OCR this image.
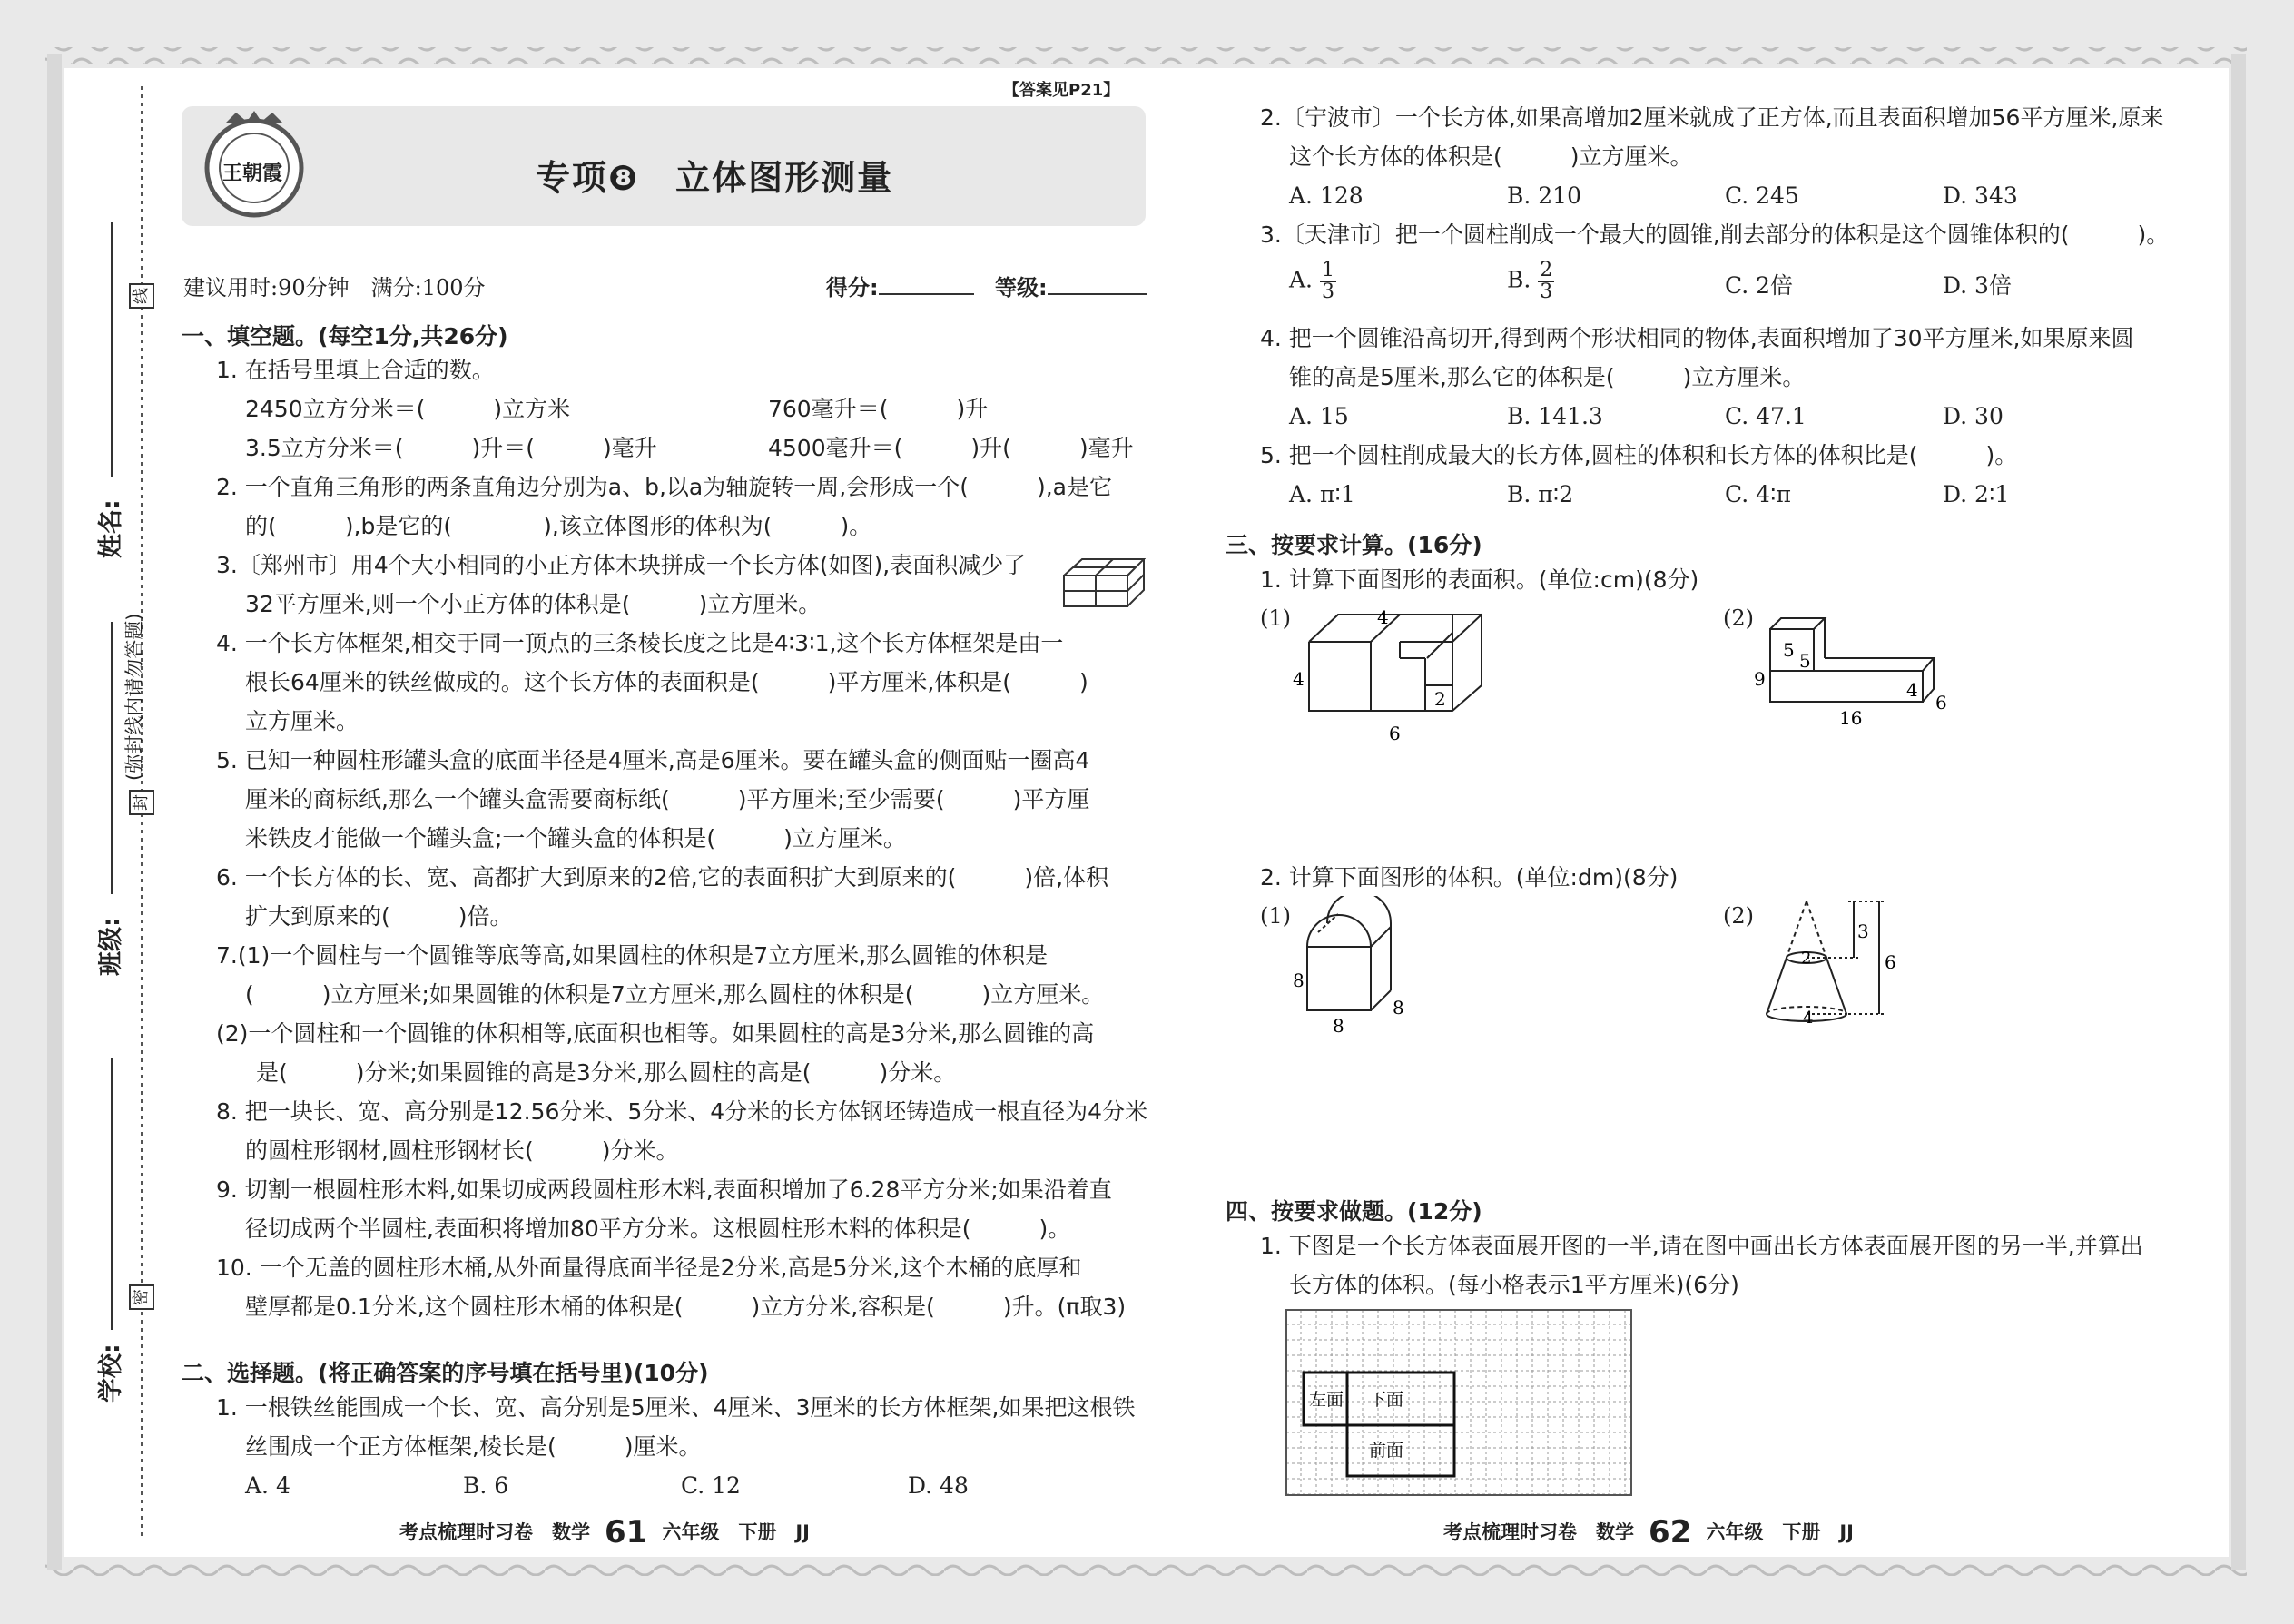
线
封
密
(弥封线内请勿答题)
姓名:
班级:
学校:
【答案见P21】
王朝霞	专项❽　立体图形测量
建议用时:90分钟　满分:100分	得分:	等级:
一、填空题。(每空1分,共26分)
1. 在括号里填上合适的数。
2450立方分米＝(　　　)立方米	760毫升＝(　　　)升
3.5立方分米＝(　　　)升＝(　　　)毫升	4500毫升＝(　　　)升(　　　)毫升
2. 一个直角三角形的两条直角边分别为a、b,以a为轴旋转一周,会形成一个(　　　),a是它
的(　　　),b是它的(　　　　),该立体图形的体积为(　　　)。
3.〔郑州市〕用4个大小相同的小正方体木块拼成一个长方体(如图),表面积减少了
32平方厘米,则一个小正方体的体积是(　　　)立方厘米。
4. 一个长方体框架,相交于同一顶点的三条棱长度之比是4∶3∶1,这个长方体框架是由一
根长64厘米的铁丝做成的。这个长方体的表面积是(　　　)平方厘米,体积是(　　　)
立方厘米。
5. 已知一种圆柱形罐头盒的底面半径是4厘米,高是6厘米。要在罐头盒的侧面贴一圈高4
厘米的商标纸,那么一个罐头盒需要商标纸(　　　)平方厘米;至少需要(　　　)平方厘
米铁皮才能做一个罐头盒;一个罐头盒的体积是(　　　)立方厘米。
6. 一个长方体的长、宽、高都扩大到原来的2倍,它的表面积扩大到原来的(　　　)倍,体积
扩大到原来的(　　　)倍。
7.(1)一个圆柱与一个圆锥等底等高,如果圆柱的体积是7立方厘米,那么圆锥的体积是
(　　　)立方厘米;如果圆锥的体积是7立方厘米,那么圆柱的体积是(　　　)立方厘米。
(2)一个圆柱和一个圆锥的体积相等,底面积也相等。如果圆柱的高是3分米,那么圆锥的高
是(　　　)分米;如果圆锥的高是3分米,那么圆柱的高是(　　　)分米。
8. 把一块长、宽、高分别是12.56分米、5分米、4分米的长方体钢坯铸造成一根直径为4分米
的圆柱形钢材,圆柱形钢材长(　　　)分米。
9. 切割一根圆柱形木料,如果切成两段圆柱形木料,表面积增加了6.28平方分米;如果沿着直
径切成两个半圆柱,表面积将增加80平方分米。这根圆柱形木料的体积是(　　　)。
10. 一个无盖的圆柱形木桶,从外面量得底面半径是2分米,高是5分米,这个木桶的底厚和
壁厚都是0.1分米,这个圆柱形木桶的体积是(　　　)立方分米,容积是(　　　)升。(π取3)
二、选择题。(将正确答案的序号填在括号里)(10分)
1. 一根铁丝能围成一个长、宽、高分别是5厘米、4厘米、3厘米的长方体框架,如果把这根铁
丝围成一个正方体框架,棱长是(　　　)厘米。
A. 4	B. 6	C. 12	D. 48
考点梳理时习卷　数学 61 六年级　下册　JJ
2.〔宁波市〕一个长方体,如果高增加2厘米就成了正方体,而且表面积增加56平方厘米,原来
这个长方体的体积是(　　　)立方厘米。
A. 128	B. 210	C. 245	D. 343
3.〔天津市〕把一个圆柱削成一个最大的圆锥,削去部分的体积是这个圆锥体积的(　　　)。
A. $\frac{1}{3}$	B. $\frac{2}{3}$	C. 2倍	D. 3倍
4. 把一个圆锥沿高切开,得到两个形状相同的物体,表面积增加了30平方厘米,如果原来圆
锥的高是5厘米,那么它的体积是(　　　)立方厘米。
A. 15	B. 141.3	C. 47.1	D. 30
5. 把一个圆柱削成最大的长方体,圆柱的体积和长方体的体积比是(　　　)。
A. π∶1	B. π∶2	C. 4∶π	D. 2∶1
三、按要求计算。(16分)
1. 计算下面图形的表面积。(单位:cm)(8分)
(1)	4
4
2
6
(2)
5 5
9	4
16
6
2. 计算下面图形的体积。(单位:dm)(8分)
(1)
8
8
8
(2)
3
2	6
4
四、按要求做题。(12分)
1. 下图是一个长方体表面展开图的一半,请在图中画出长方体表面展开图的另一半,并算出
长方体的体积。(每小格表示1平方厘米)(6分)
左面 下面
前面
考点梳理时习卷　数学 62 六年级　下册　JJ
